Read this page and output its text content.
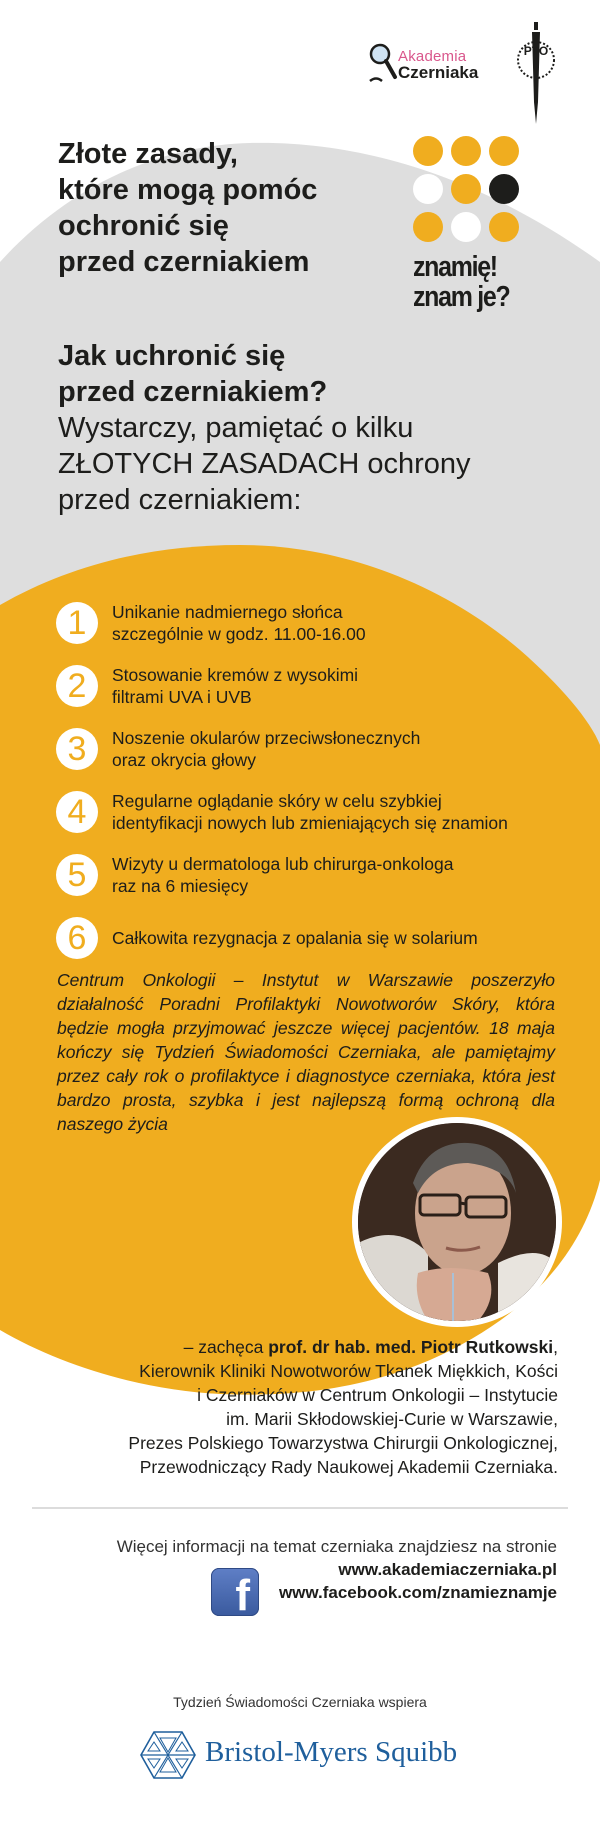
Akademia
Czerniaka
PTO
Złote zasady,
które mogą pomóc
ochronić się
przed czerniakiem	znamię!
znam je?
Jak uchronić się
przed czerniakiem?
Wystarczy, pamiętać o kilku
ZŁOTYCH ZASADACH ochrony
przed czerniakiem:
1	Unikanie nadmiernego słońca
szczególnie w godz. 11.00-16.00
2	Stosowanie kremów z wysokimi
filtrami UVA i UVB
3	Noszenie okularów przeciwsłonecznych
oraz okrycia głowy
4	Regularne oglądanie skóry w celu szybkiej
identyfikacji nowych lub zmieniających się znamion
5	Wizyty u dermatologa lub chirurga-onkologa
raz na 6 miesięcy
6	Całkowita rezygnacja z opalania się w solarium
Centrum Onkologii – Instytut w Warszawie poszerzyło działalność Poradni Profilaktyki Nowotworów Skóry, która będzie mogła przyjmować jeszcze więcej pacjentów. 18 maja kończy się Tydzień Świadomości Czerniaka, ale pamiętajmy przez cały rok o profilaktyce i diagnostyce czerniaka, która jest bardzo prosta, szybka i jest najlepszą formą ochroną dla naszego życia
– zachęca prof. dr hab. med. Piotr Rutkowski,
Kierownik Kliniki Nowotworów Tkanek Miękkich, Kości
i Czerniaków w Centrum Onkologii – Instytucie
im. Marii Skłodowskiej-Curie w Warszawie,
Prezes Polskiego Towarzystwa Chirurgii Onkologicznej,
Przewodniczący Rady Naukowej Akademii Czerniaka.
Więcej informacji na temat czerniaka znajdziesz na stronie
www.akademiaczerniaka.pl
www.facebook.com/znamieznamje
f
Tydzień Świadomości Czerniaka wspiera
Bristol-Myers Squibb
